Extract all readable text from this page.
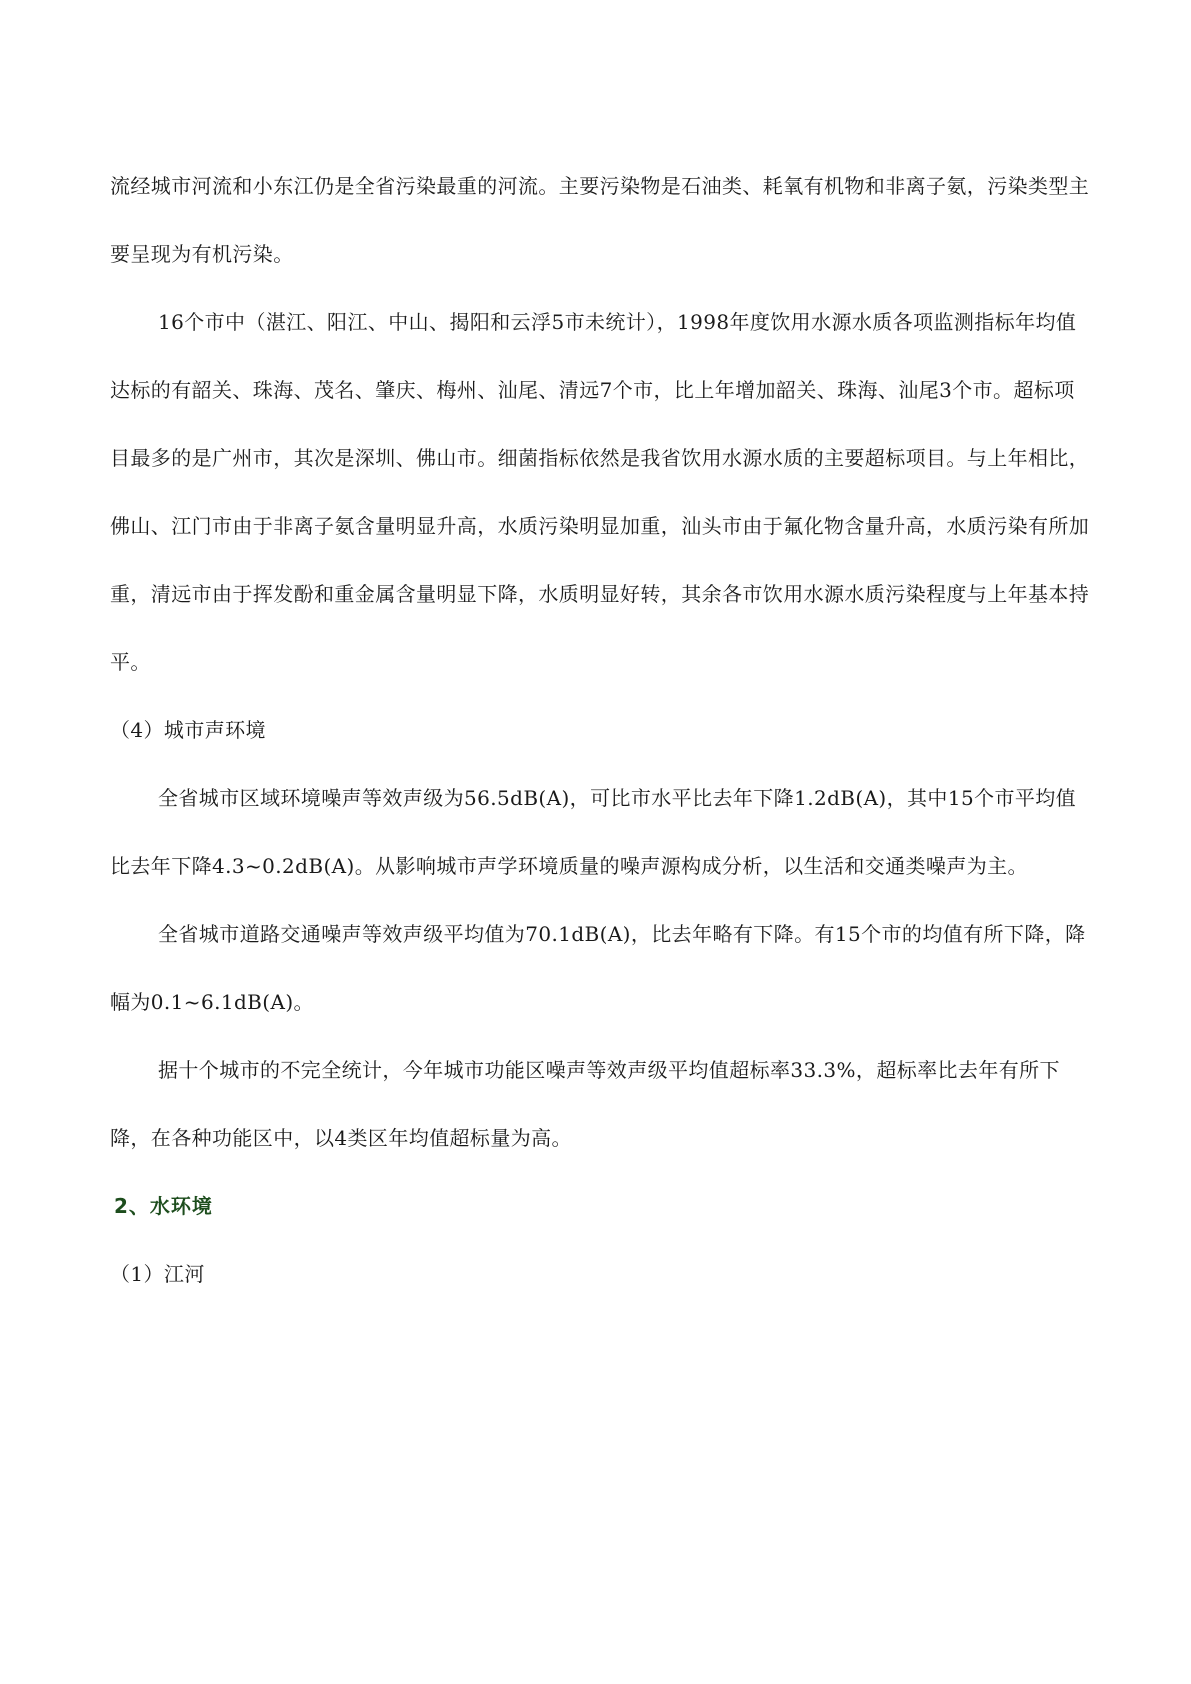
流经城市河流和小东江仍是全省污染最重的河流。主要污染物是石油类、耗氧有机物和非离子氨，污染类型主要呈现为有机污染。

16个市中（湛江、阳江、中山、揭阳和云浮5市未统计），1998年度饮用水源水质各项监测指标年均值达标的有韶关、珠海、茂名、肇庆、梅州、汕尾、清远7个市，比上年增加韶关、珠海、汕尾3个市。超标项目最多的是广州市，其次是深圳、佛山市。细菌指标依然是我省饮用水源水质的主要超标项目。与上年相比，佛山、江门市由于非离子氨含量明显升高，水质污染明显加重，汕头市由于氟化物含量升高，水质污染有所加重，清远市由于挥发酚和重金属含量明显下降，水质明显好转，其余各市饮用水源水质污染程度与上年基本持平。

（4）城市声环境

全省城市区域环境噪声等效声级为56.5dB(A)，可比市水平比去年下降1.2dB(A)，其中15个市平均值比去年下降4.3~0.2dB(A)。从影响城市声学环境质量的噪声源构成分析，以生活和交通类噪声为主。

全省城市道路交通噪声等效声级平均值为70.1dB(A)，比去年略有下降。有15个市的均值有所下降，降幅为0.1~6.1dB(A)。

据十个城市的不完全统计，今年城市功能区噪声等效声级平均值超标率33.3%，超标率比去年有所下降，在各种功能区中，以4类区年均值超标量为高。

2、水环境

（1）江河
